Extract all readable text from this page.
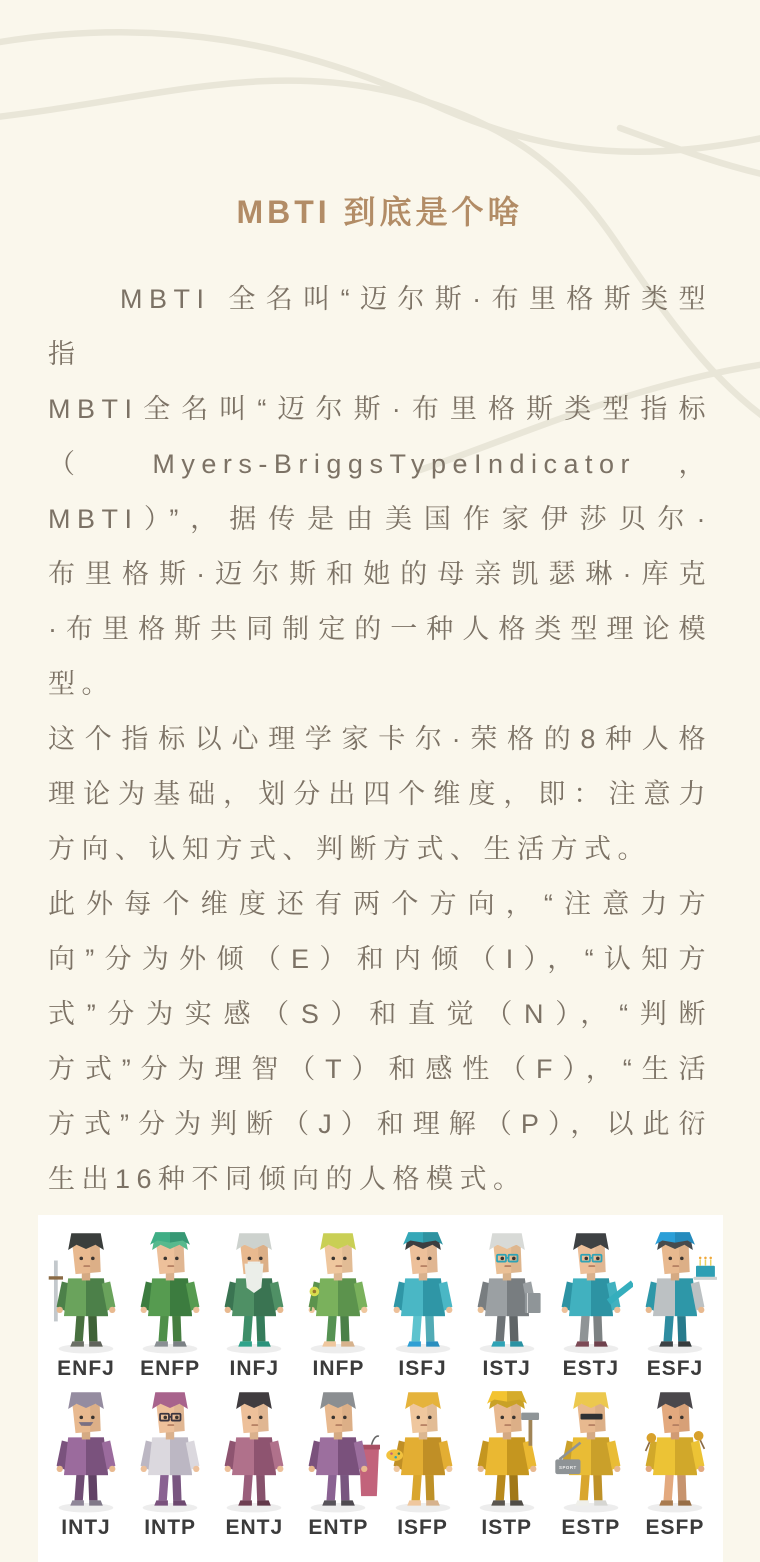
MBTI 到底是个啥
MBTI 全名叫“迈尔斯·布里格斯类型
指
MBTI全名叫“迈尔斯·布里格斯类型指标
（ Myers-BriggsTypeIndicator ，
MBTI）”，据传是由美国作家伊莎贝尔·
布里格斯·迈尔斯和她的母亲凯瑟琳·库克
·布里格斯共同制定的一种人格类型理论模
型。
这个指标以心理学家卡尔·荣格的8种人格
理论为基础，划分出四个维度，即：注意力
方向、认知方式、判断方式、生活方式。
此外每个维度还有两个方向，“注意力方
向”分为外倾（E）和内倾（I），“认知方
式”分为实感（S）和直觉（N），“判断
方式”分为理智（T）和感性（F），“生活
方式”分为判断（J）和理解（P），以此衍
生出16种不同倾向的人格模式。
ENFJ ENFP INFJ INFP ISFJ ISTJ ESTJ ESFJ
INTJ INTP ENTJ ENTP ISFP ISTP
SPORT
ESTP ESFP
